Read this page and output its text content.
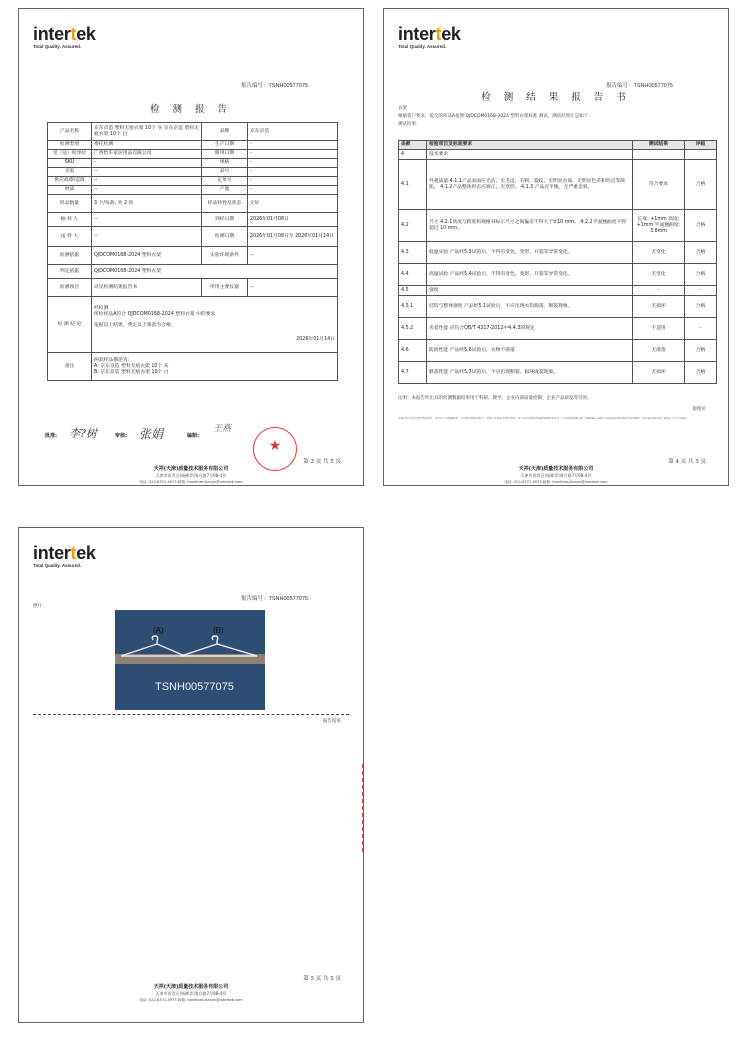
intertek
Total Quality. Assured.
报告编号：TSNH00577075
检 测 报 告
产品名称	京东京造 塑料无痕衣架 10个 灰 京东京造 塑料无痕衣架 10个 白	品牌	京东京造
检测类别	委托检测	生产日期	-
受（送）检单位	广西怡车家居用品有限公司	限用日期	-
SKU	-	规格	-
买家	--	品号	-
供应商/制造商	--	定单号	-
材质	--	产地	-
样品数量	3 个/每款, 共 2 款	样品特性及状态	完好
抽 样 人	--	到样日期	2026年01月08日
送 样 人	--	检测日期	2026年01月08日至 2026年01月14日
检测依据	QJDCOM0168-2024 塑料衣架	实验环境条件	--
判定依据	QJDCOM0168-2024 塑料衣架		
检测项目	详见检测结果报告书	所用主要仪器	--
检 测 结 论	经检测
所检样品A符合 QJDCOM0168-2024 塑料衣架 中的要求
依据以上结果，判定以上条款为合格。
2026年01月14日		

备注	两款样品描述为:
A: 京东京造 塑料无痕衣架 10个 灰
B: 京东京造 塑料无痕衣架 10个 白		
批准: 李?树	审核: 张娟	编制:
王燕
★
第 3 页 共 5 页
天祥(天津)质量技术服务有限公司
天津市西青区(杨柳青)海月路7号9B-4层
电话: 022-8371-4973 邮箱: hardlines.tianjin@intertek.com
intertek
Total Quality. Assured.
报告编号：TSNH00577075
检 测 结 果 报 告 书
衣架
根据客户要求，提交的样品A按照 QJDCOM0168-2024 塑料衣架标准 测试，测试结果汇总如下：
测试结果：
条款	检验项目及标准要求	测试结果	评级
4	技术要求		
4.1	外观质量 4.1.1产品表面应光洁，无毛边、毛刺、裂纹，无明显杂质，无明显色差和凹点等缺陷。 4.1.2产品整体形态应端正，无变形。 4.1.3 产品应平衡，无严重歪斜。	符合要求	合格
4.2	尺寸 4.2.1高度与跨度和规格书标示尺寸之间偏差不得大于±10 mm。 4.2.2平面翘曲度不得超过 10 mm。	长度: +1mm 高度: +1mm 平面翘曲度: 3.8mm	合格
4.3	低温实验 产品经5.3试验后，不得有变色、变形、开裂等异常变化。	无变化	合格
4.4	高温试验 产品经5.4试验后，不得有变色、变形、开裂等异常变化。	无变化	合格
4.5	强度	-	-
4.5.1	挂钩与整体强度 产品经5.1试验后，不应出现衣钩脱落、断裂现象。	无损坏	合格
4.5.2	夹着性能 应符合QB/T 4317-2012中4.4.3的规定	不适用	-
4.6	防滑性能 产品经5.6试验后，衣物不滑落	无滑落	合格
4.7	跌落性能 产品经5.7试验后，不应出现断裂、损坏或裂现象。	无损坏	合格
注明：本报告所出具的检测数据结果用于科研、教学、企业内部质量控制、企业产品研发等目的。
本报告仅对本次送检样品负责。未经本公司书面批准，不得部分复制本报告。本报告无检验专用章无效。本公司仅对所检样品的检测结果负责，不对样品来源负责。Intertek 对委托方所提供的样品信息不负责核实，如有疑问请于报告签发后十五日内提出。
接续页
第 4 页 共 5 页
天祥(天津)质量技术服务有限公司
天津市西青区(杨柳青)海月路7号9B-4层
电话: 022-8371-4973 邮箱: hardlines.tianjin@intertek.com
intertek
Total Quality. Assured.
报告编号：TSNH00577075
照片：
(A)	(B)
TSNH00577075
报告结束
第 5 页 共 5 页
天祥(天津)质量技术服务有限公司
天津市西青区(杨柳青)海月路7号9B-4层
电话: 022-8371-4973 邮箱: hardlines.tianjin@intertek.com
